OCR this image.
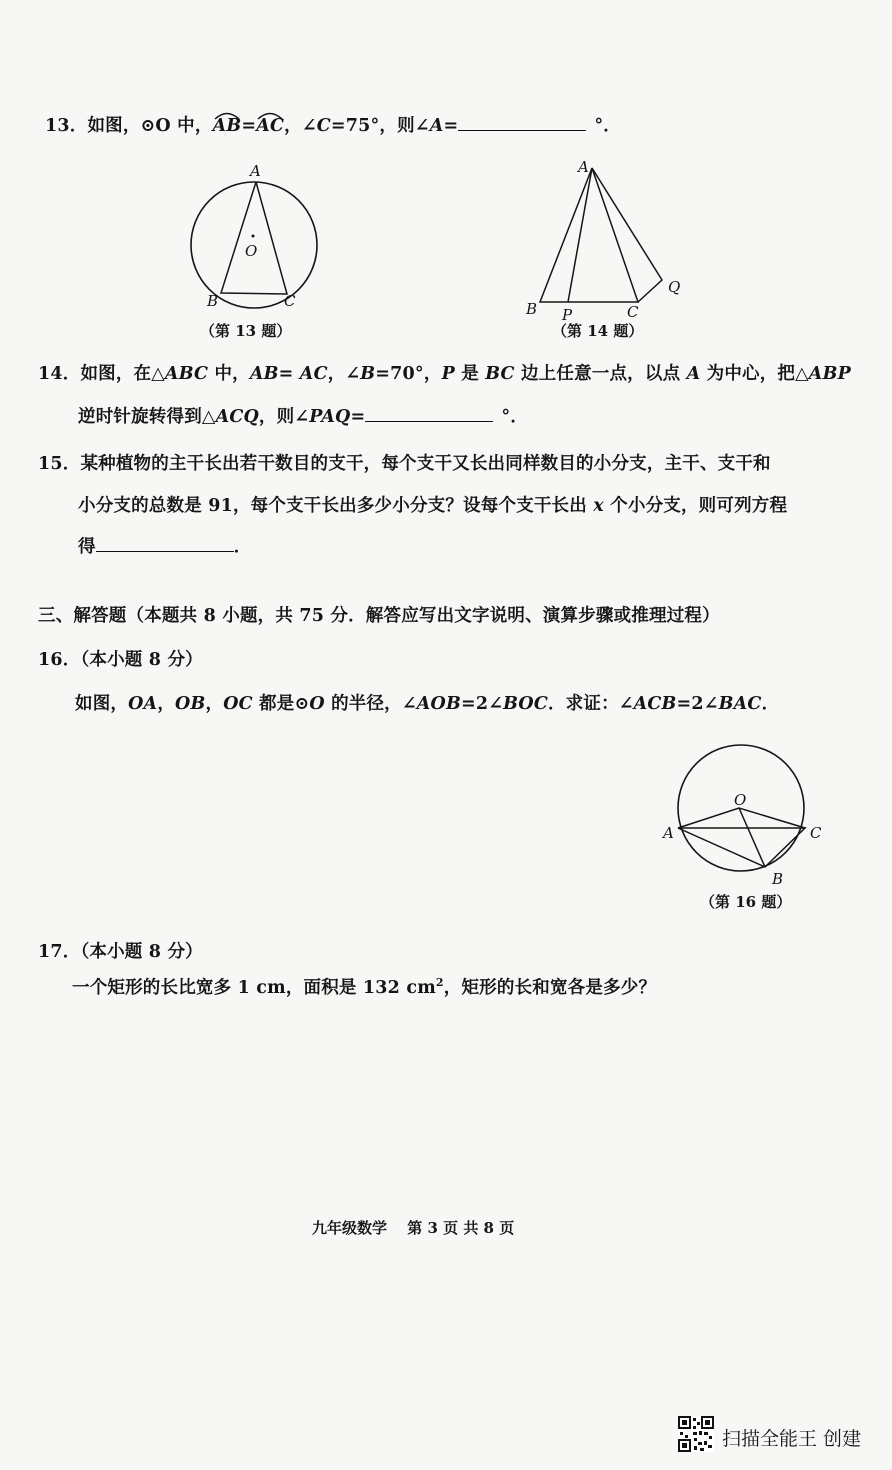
13．如图，⊙O 中，
AB=
AC，∠C=75°，则∠A=	°．
A
O
B	C
（第 13 题）
A
B P	C
Q
（第 14 题）
14．如图，在△ABC 中，AB= AC，∠B=70°，P 是 BC 边上任意一点，以点 A 为中心，把△ABP
逆时针旋转得到△ACQ，则∠PAQ=	°．
15．某种植物的主干长出若干数目的支干，每个支干又长出同样数目的小分支，主干、支干和
小分支的总数是 91，每个支干长出多少小分支？设每个支干长出 x 个小分支，则可列方程
得	．
三、解答题（本题共 8 小题，共 75 分．解答应写出文字说明、演算步骤或推理过程）
16．（本小题 8 分）
如图，OA，OB，OC 都是⊙O 的半径，∠AOB=2∠BOC．求证：∠ACB=2∠BAC．
O
A	C
B
（第 16 题）
17．（本小题 8 分）
一个矩形的长比宽多 1 cm，面积是 132 $cm^2$，矩形的长和宽各是多少？
九年级数学　 第 3 页 共 8 页
扫描全能王 创建
